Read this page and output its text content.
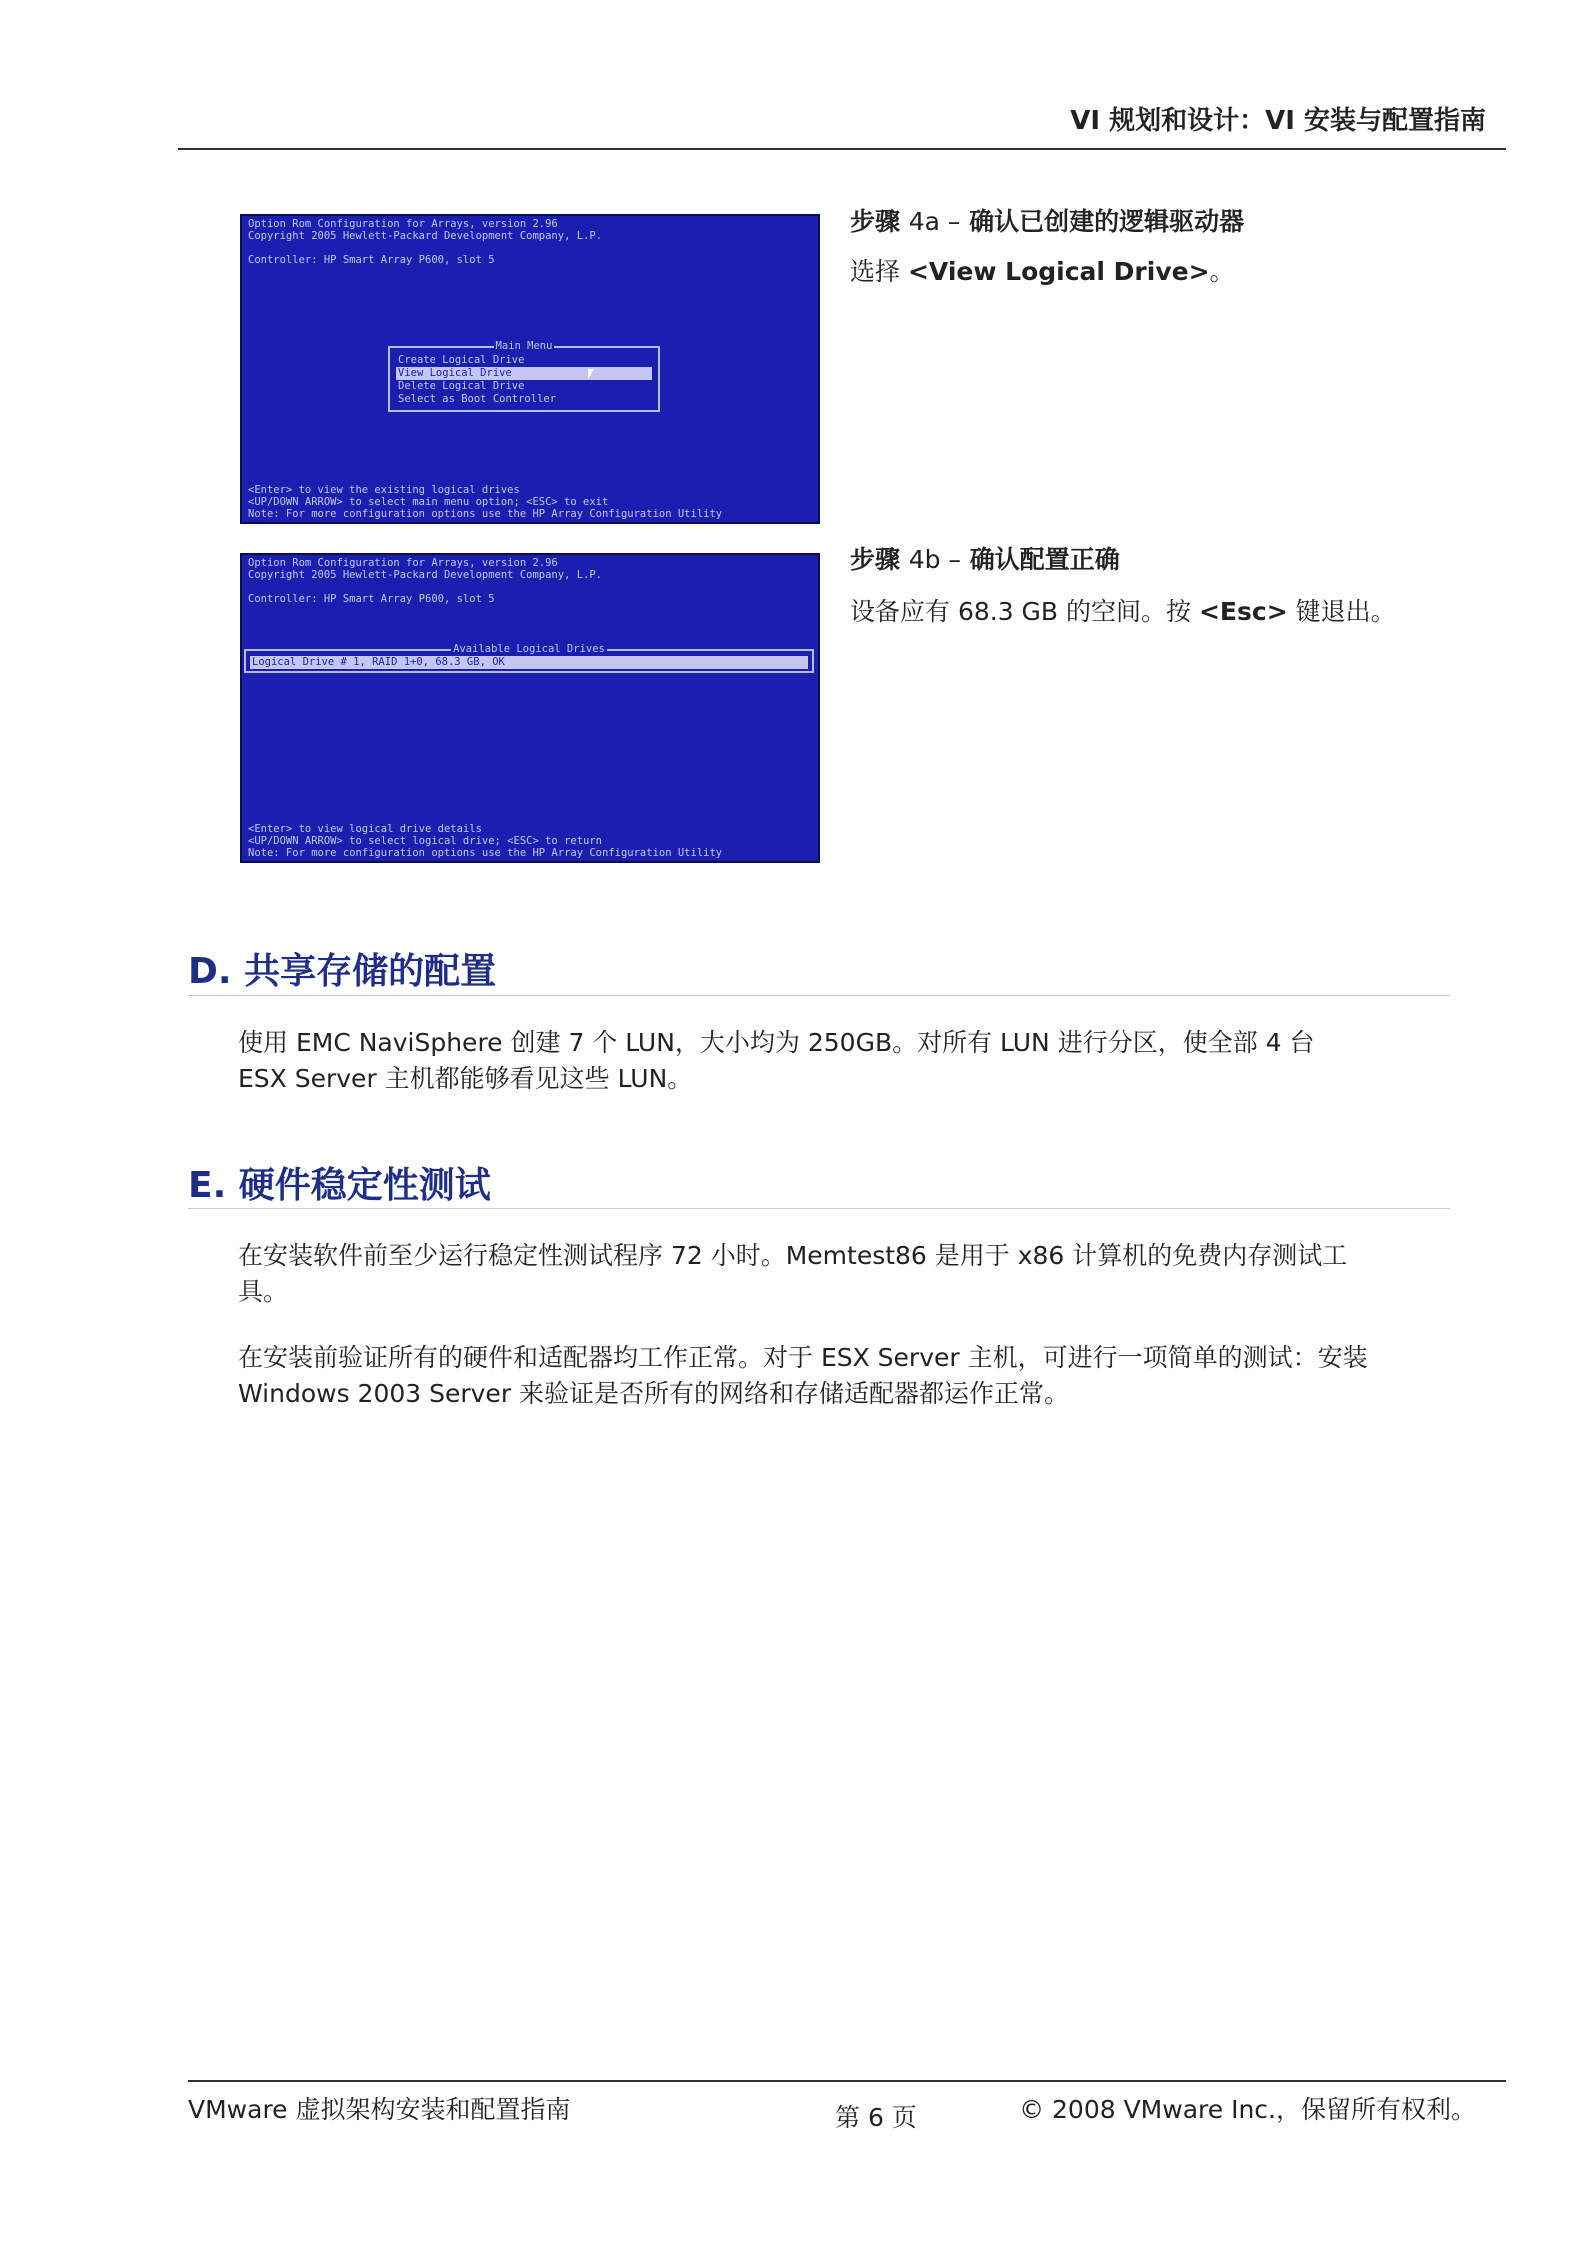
VI 规划和设计：VI 安装与配置指南
Option Rom Configuration for Arrays, version 2.96
Copyright 2005 Hewlett-Packard Development Company, L.P.
Controller: HP Smart Array P600, slot 5
Main Menu
Create Logical Drive
View Logical Drive
Delete Logical Drive
Select as Boot Controller
<Enter> to view the existing logical drives
<UP/DOWN ARROW> to select main menu option; <ESC> to exit
Note: For more configuration options use the HP Array Configuration Utility
步骤 4a – 确认已创建的逻辑驱动器
选择 <View Logical Drive>。
Option Rom Configuration for Arrays, version 2.96
Copyright 2005 Hewlett-Packard Development Company, L.P.
Controller: HP Smart Array P600, slot 5
Available Logical Drives
Logical Drive # 1, RAID 1+0, 68.3 GB, OK
<Enter> to view logical drive details
<UP/DOWN ARROW> to select logical drive; <ESC> to return
Note: For more configuration options use the HP Array Configuration Utility
步骤 4b – 确认配置正确
设备应有 68.3 GB 的空间。按 <Esc> 键退出。
D. 共享存储的配置

使用 EMC NaviSphere 创建 7 个 LUN，大小均为 250GB。对所有 LUN 进行分区，使全部 4 台 ESX Server 主机都能够看见这些 LUN。

E. 硬件稳定性测试

在安装软件前至少运行稳定性测试程序 72 小时。Memtest86 是用于 x86 计算机的免费内存测试工具。

在安装前验证所有的硬件和适配器均工作正常。对于 ESX Server 主机，可进行一项简单的测试：安装 Windows 2003 Server 来验证是否所有的网络和存储适配器都运作正常。

VMware 虚拟架构安装和配置指南	第 6 页	© 2008 VMware Inc.，保留所有权利。
